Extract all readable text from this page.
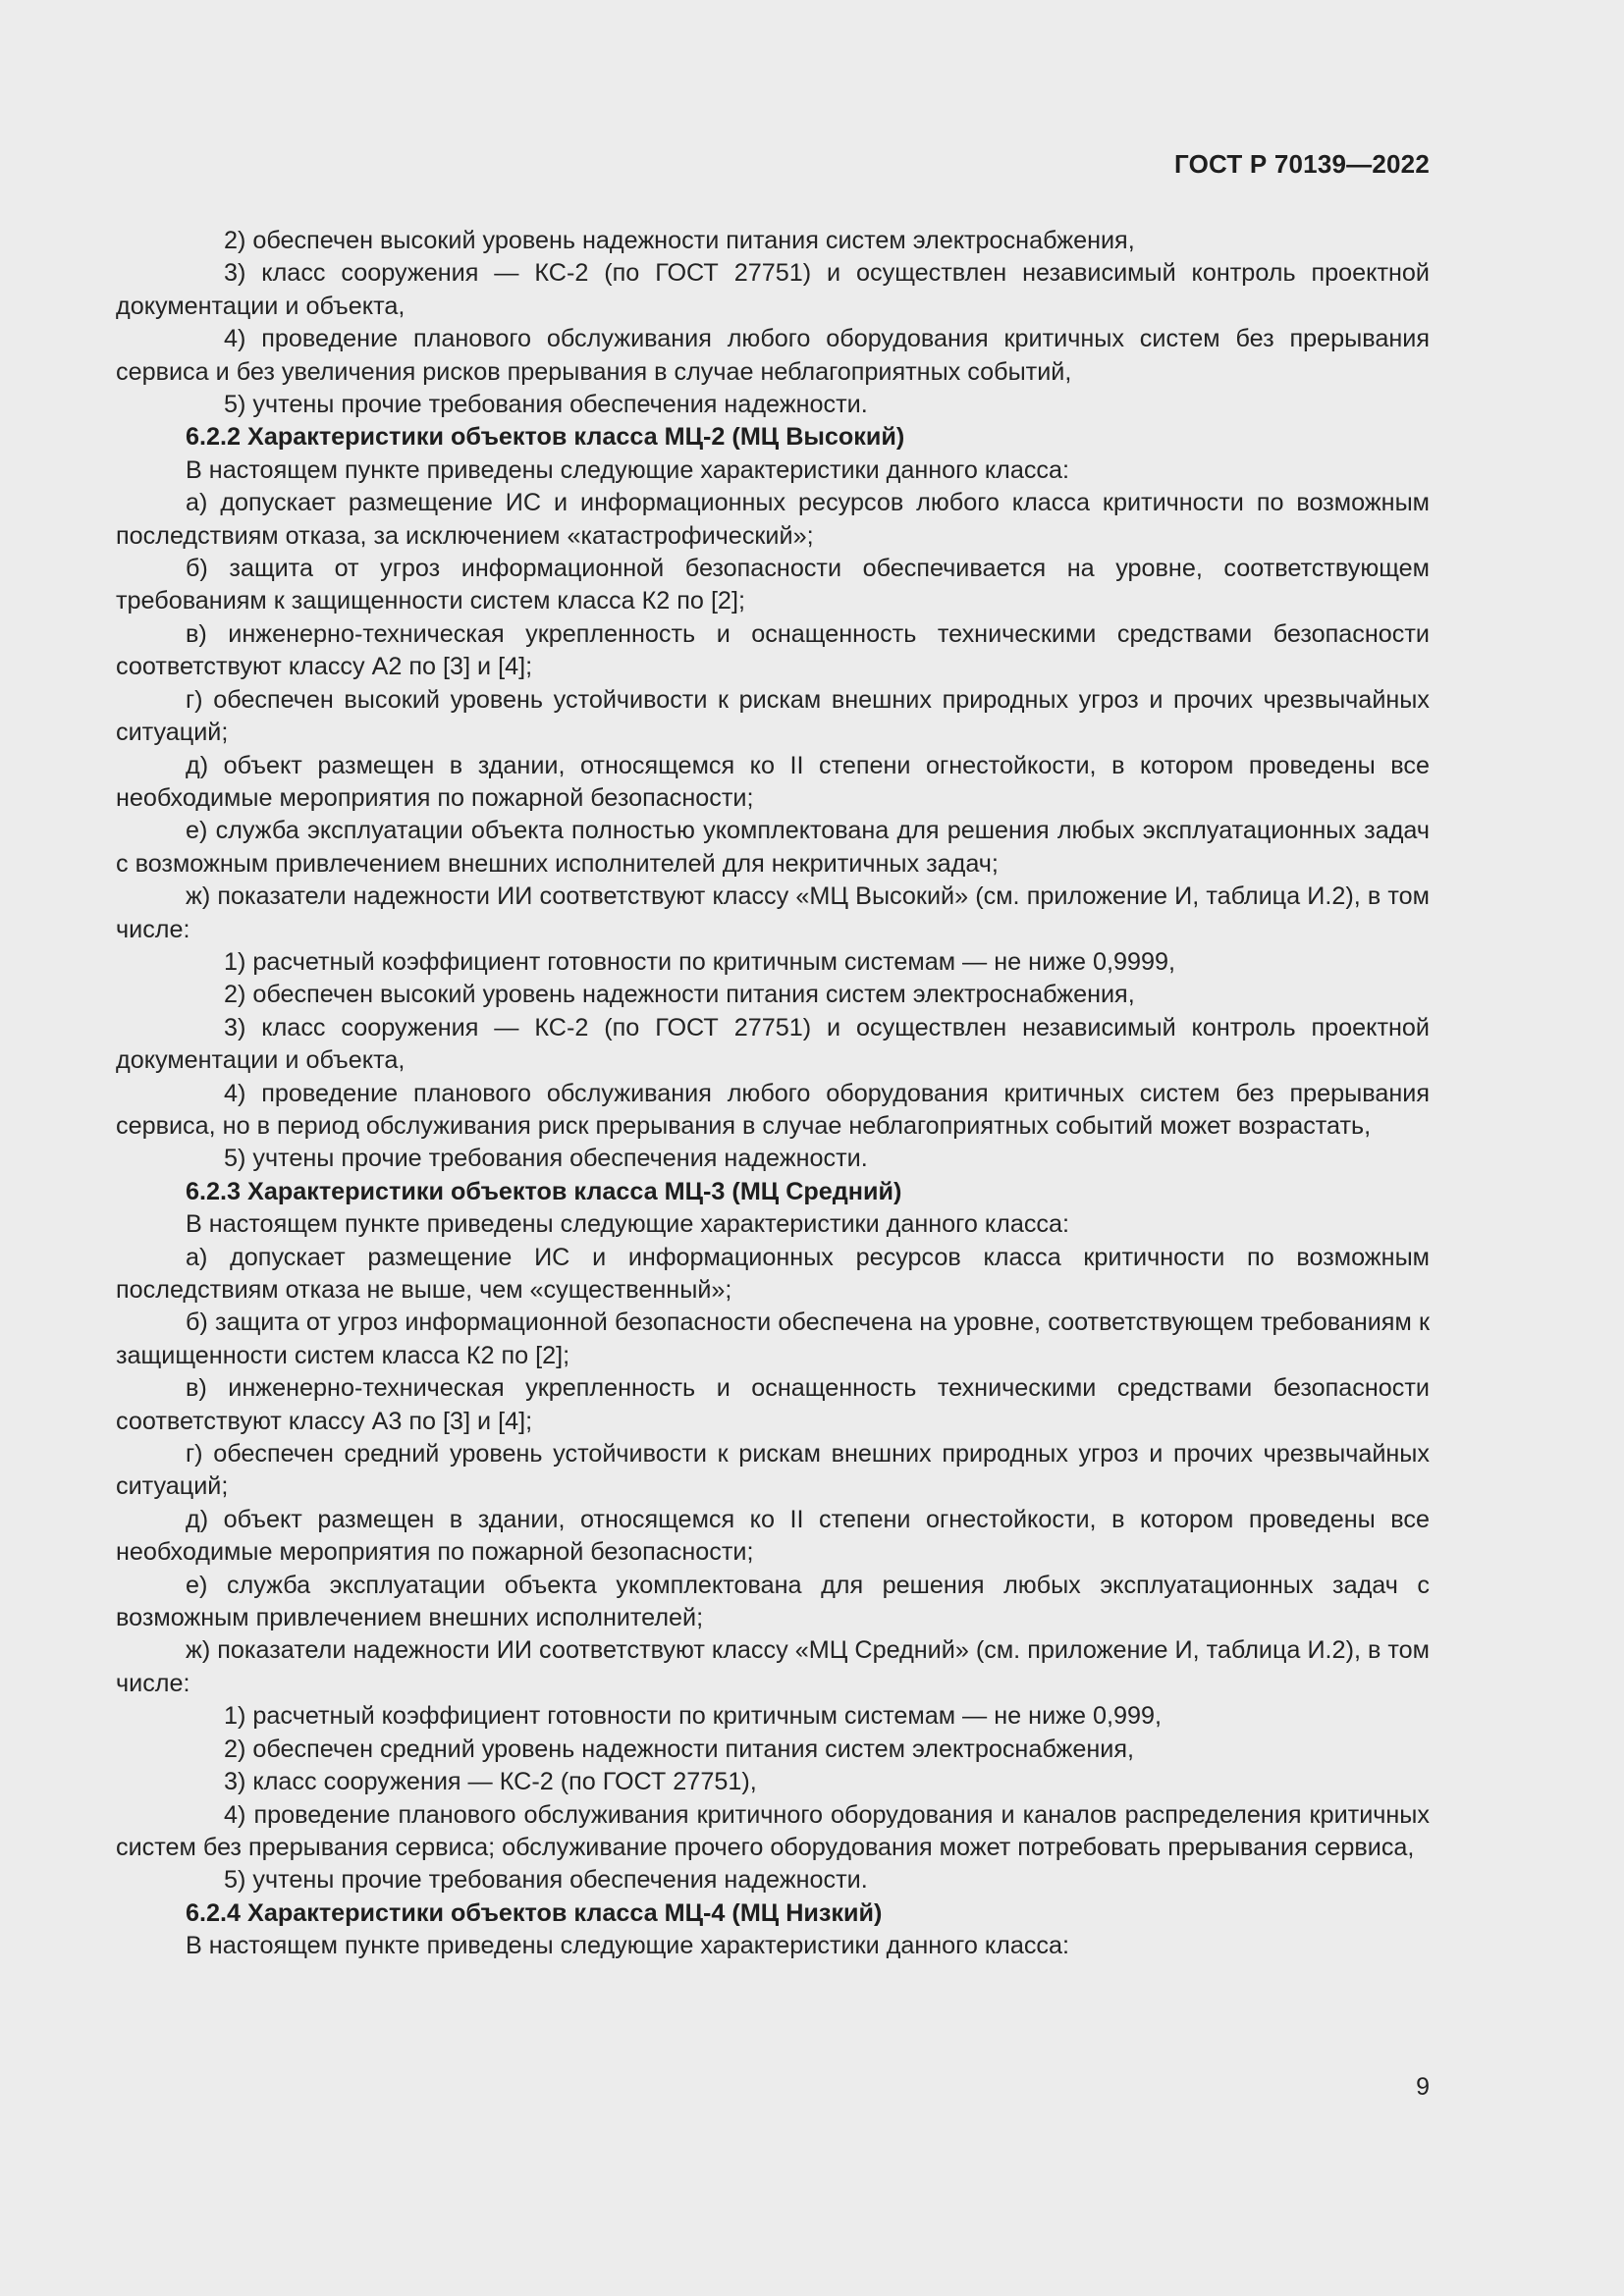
ГОСТ Р 70139—2022

2) обеспечен высокий уровень надежности питания систем электроснабжения,

3) класс сооружения — КС-2 (по ГОСТ 27751) и осуществлен независимый контроль проектной документации и объекта,

4) проведение планового обслуживания любого оборудования критичных систем без прерывания сервиса и без увеличения рисков прерывания в случае неблагоприятных событий,

5) учтены прочие требования обеспечения надежности.

6.2.2 Характеристики объектов класса МЦ-2 (МЦ Высокий)

В настоящем пункте приведены следующие характеристики данного класса:

а) допускает размещение ИС и информационных ресурсов любого класса критичности по возможным последствиям отказа, за исключением «катастрофический»;

б) защита от угроз информационной безопасности обеспечивается на уровне, соответствующем требованиям к защищенности систем класса К2 по [2];

в) инженерно-техническая укрепленность и оснащенность техническими средствами безопасности соответствуют классу А2 по [3] и [4];

г) обеспечен высокий уровень устойчивости к рискам внешних природных угроз и прочих чрезвычайных ситуаций;

д) объект размещен в здании, относящемся ко II степени огнестойкости, в котором проведены все необходимые мероприятия по пожарной безопасности;

е) служба эксплуатации объекта полностью укомплектована для решения любых эксплуатационных задач с возможным привлечением внешних исполнителей для некритичных задач;

ж) показатели надежности ИИ соответствуют классу «МЦ Высокий» (см. приложение И, таблица И.2), в том числе:

1) расчетный коэффициент готовности по критичным системам — не ниже 0,9999,

2) обеспечен высокий уровень надежности питания систем электроснабжения,

3) класс сооружения — КС-2 (по ГОСТ 27751) и осуществлен независимый контроль проектной документации и объекта,

4) проведение планового обслуживания любого оборудования критичных систем без прерывания сервиса, но в период обслуживания риск прерывания в случае неблагоприятных событий может возрастать,

5) учтены прочие требования обеспечения надежности.

6.2.3 Характеристики объектов класса МЦ-3 (МЦ Средний)

В настоящем пункте приведены следующие характеристики данного класса:

а) допускает размещение ИС и информационных ресурсов класса критичности по возможным последствиям отказа не выше, чем «существенный»;

б) защита от угроз информационной безопасности обеспечена на уровне, соответствующем требованиям к защищенности систем класса К2 по [2];

в) инженерно-техническая укрепленность и оснащенность техническими средствами безопасности соответствуют классу А3 по [3] и [4];

г) обеспечен средний уровень устойчивости к рискам внешних природных угроз и прочих чрезвычайных ситуаций;

д) объект размещен в здании, относящемся ко II степени огнестойкости, в котором проведены все необходимые мероприятия по пожарной безопасности;

е) служба эксплуатации объекта укомплектована для решения любых эксплуатационных задач с возможным привлечением внешних исполнителей;

ж) показатели надежности ИИ соответствуют классу «МЦ Средний» (см. приложение И, таблица И.2), в том числе:

1) расчетный коэффициент готовности по критичным системам — не ниже 0,999,

2) обеспечен средний уровень надежности питания систем электроснабжения,

3) класс сооружения — КС-2 (по ГОСТ 27751),

4) проведение планового обслуживания критичного оборудования и каналов распределения критичных систем без прерывания сервиса; обслуживание прочего оборудования может потребовать прерывания сервиса,

5) учтены прочие требования обеспечения надежности.

6.2.4 Характеристики объектов класса МЦ-4 (МЦ Низкий)

В настоящем пункте приведены следующие характеристики данного класса:

9
